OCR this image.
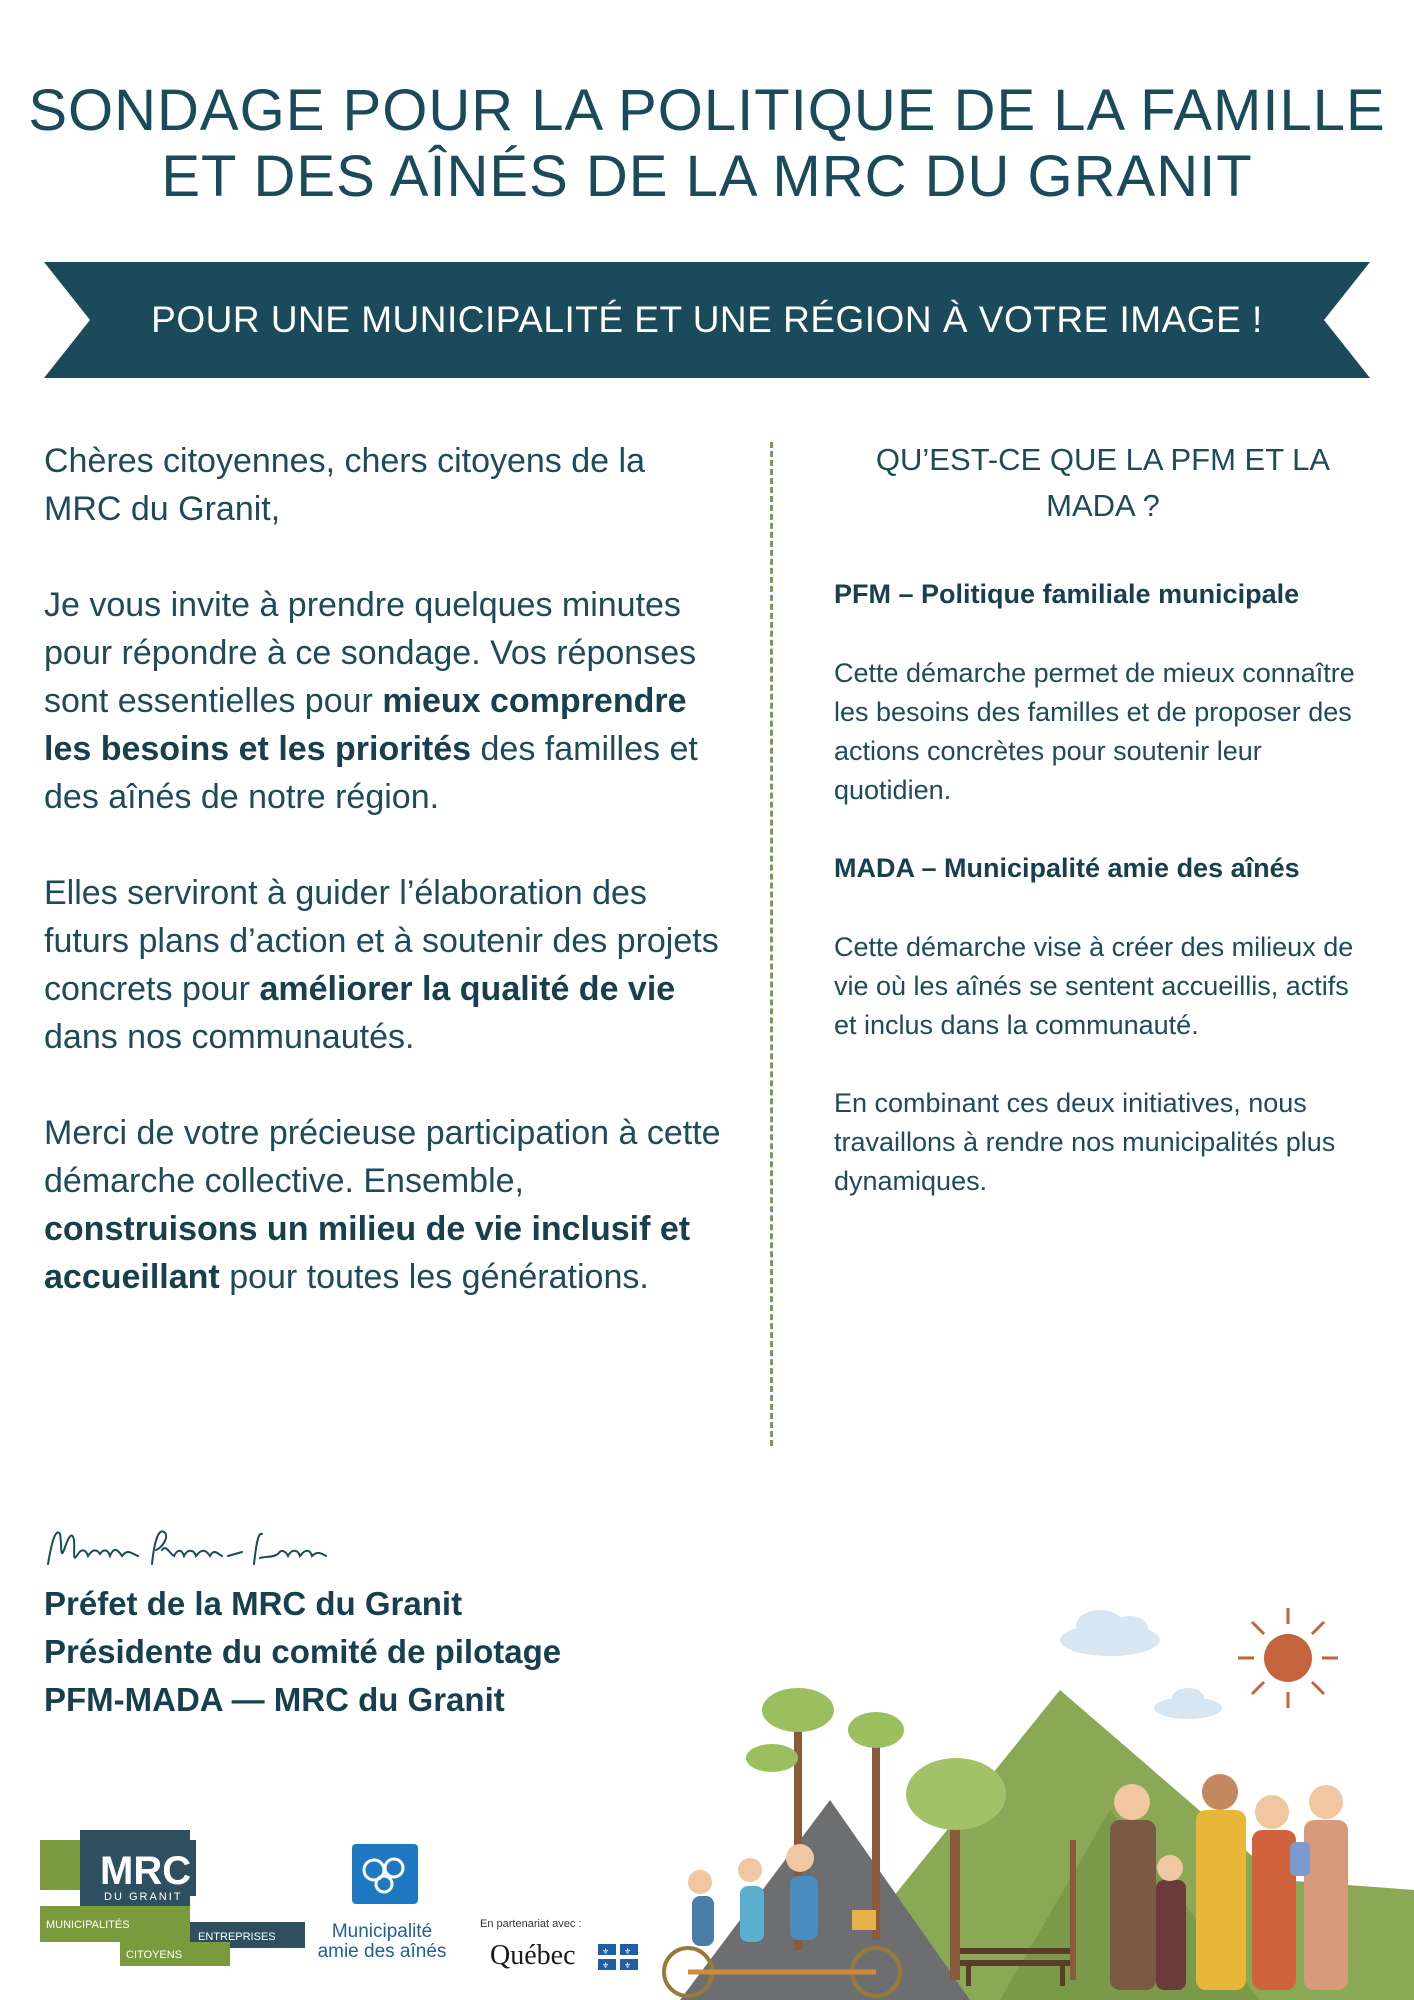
SONDAGE POUR LA POLITIQUE DE LA FAMILLE
ET DES AÎNÉS DE LA MRC DU GRANIT
POUR UNE MUNICIPALITÉ ET UNE RÉGION À VOTRE IMAGE !

Chères citoyennes, chers citoyens de la MRC du Granit,

Je vous invite à prendre quelques minutes pour répondre à ce sondage. Vos réponses sont essentielles pour mieux comprendre les besoins et les priorités des familles et des aînés de notre région.

Elles serviront à guider l’élaboration des futurs plans d’action et à soutenir des projets concrets pour améliorer la qualité de vie dans nos communautés.

Merci de votre précieuse participation à cette démarche collective. Ensemble, construisons un milieu de vie inclusif et accueillant pour toutes les générations.

QU’EST-CE QUE LA PFM ET LA MADA ?
PFM – Politique familiale municipale

Cette démarche permet de mieux connaître les besoins des familles et de proposer des actions concrètes pour soutenir leur quotidien.

MADA – Municipalité amie des aînés

Cette démarche vise à créer des milieux de vie où les aînés se sentent accueillis, actifs et inclus dans la communauté.

En combinant ces deux initiatives, nous travaillons à rendre nos municipalités plus dynamiques.

Préfet de la MRC du Granit
Présidente du comité de pilotage
PFM-MADA — MRC du Granit
MRC
DU GRANIT
MUNICIPALITÉS
ENTREPRISES
CITOYENS
Municipalité
amie des aînés
En partenariat avec :
Québec	⚜ ⚜
⚜ ⚜
